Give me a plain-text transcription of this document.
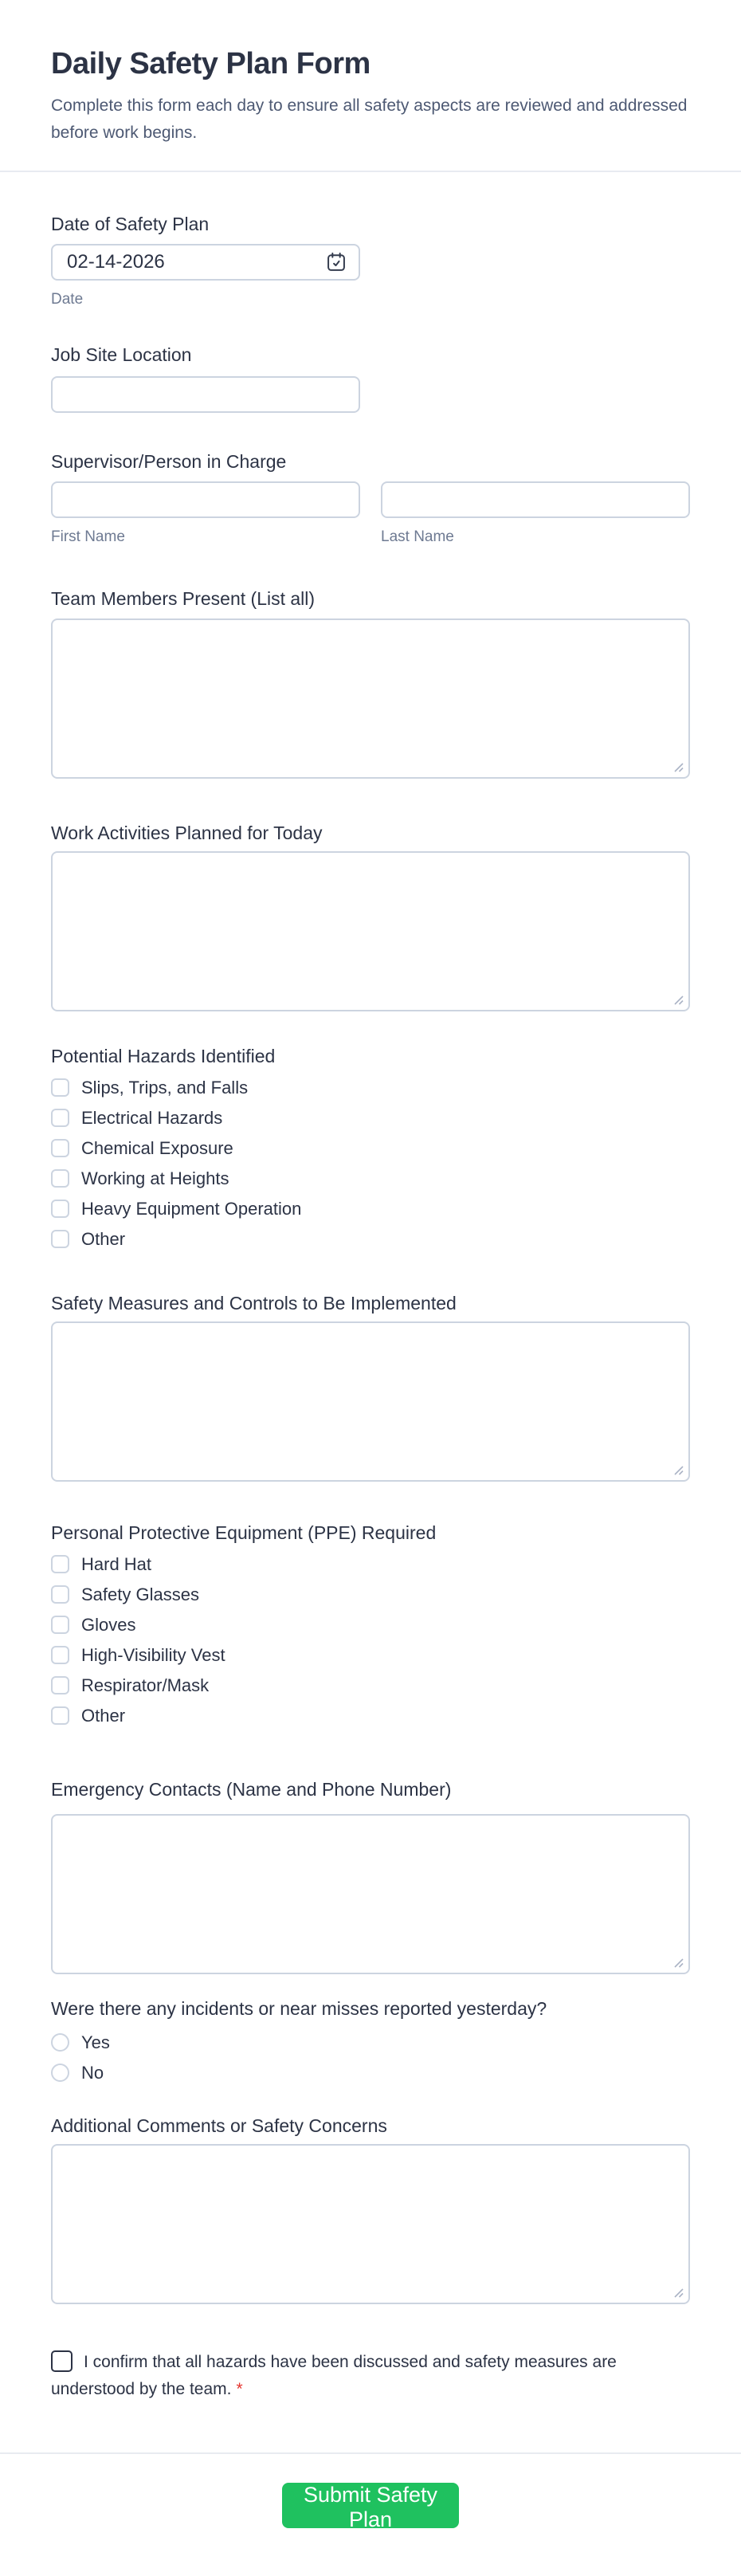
Daily Safety Plan Form
Complete this form each day to ensure all safety aspects are reviewed and addressed before work begins.
Date of Safety Plan
02-14-2026
Date
Job Site Location
Supervisor/Person in Charge
First Name	Last Name
Team Members Present (List all)
Work Activities Planned for Today
Potential Hazards Identified
Slips, Trips, and Falls
Electrical Hazards
Chemical Exposure
Working at Heights
Heavy Equipment Operation
Other
Safety Measures and Controls to Be Implemented
Personal Protective Equipment (PPE) Required
Hard Hat
Safety Glasses
Gloves
High-Visibility Vest
Respirator/Mask
Other
Emergency Contacts (Name and Phone Number)
Were there any incidents or near misses reported yesterday?
Yes
No
Additional Comments or Safety Concerns
I confirm that all hazards have been discussed and safety measures are understood by the team. *
Submit Safety Plan
